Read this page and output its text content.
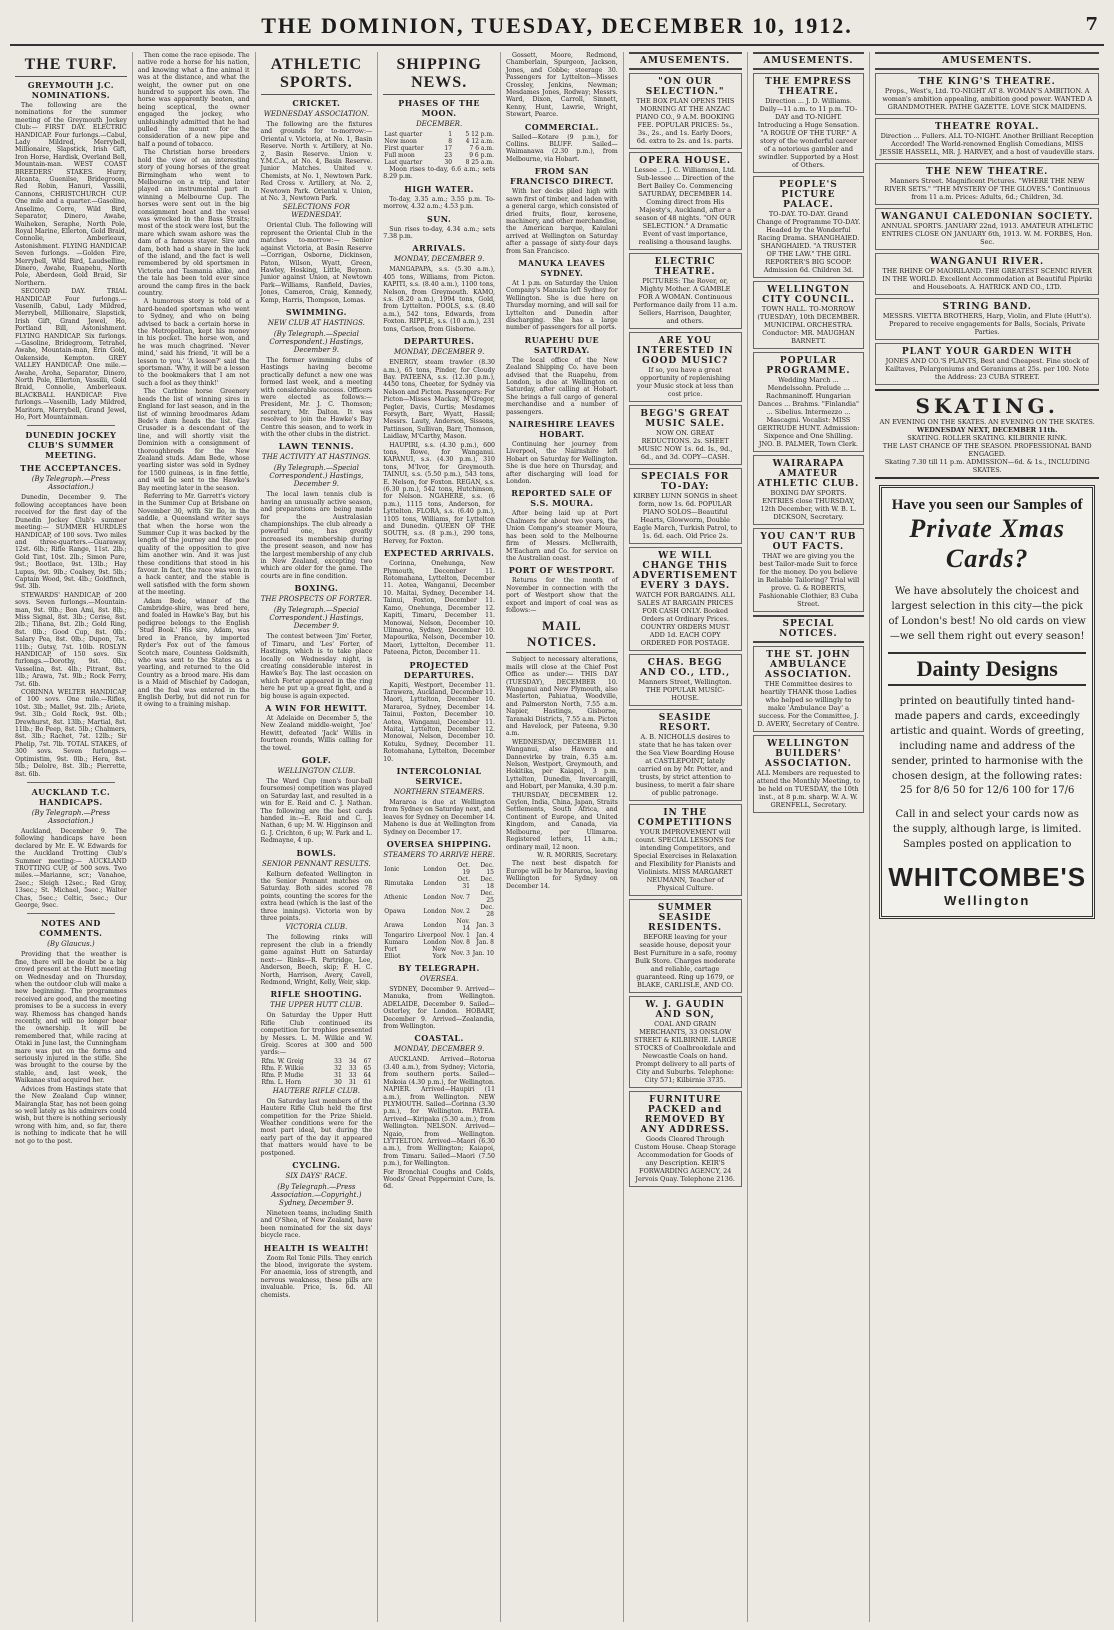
THE DOMINION, TUESDAY, DECEMBER 10, 1912.	7
THE TURF.
GREYMOUTH J.C. NOMINATIONS.

The following are the nominations for the summer meeting of the Greymouth Jockey Club:— FIRST DAY. ELECTRIC HANDICAP. Four furlongs.—Cabul, Lady Mildred, Merrybell, Millionaire, Slapstick, Irish Gift, Iron Horse, Hardisk, Overland Bell, Mountain-man. WEST COAST BREEDERS' STAKES. Hurry, Alcanta, Guenilse, Bridegroom, Red Robin, Hanuri, Vassilii, Cannons, CHRISTCHURCH CUP. One mile and a quarter.—Gasoline, Anselimo, Corre, Wild Bird, Separator, Dinero, Awahe, Waiheken, Seraphe, North Pole, Royal Marine, Ellerton, Gold Braid, Connolie, Amberleaux, Astonishment. FLYING HANDICAP. Seven furlongs. —Golden Fire, Merrybell, Wild Bird, Laudselline, Dinero, Awahe, Ruapehu, North Pole, Aberdeen, Gold Braid, Sir Northern.

SECOND DAY. TRIAL HANDICAP. Four furlongs.—Vasenilb, Cabul, Lady Mildred, Merrybell, Millionaire, Slapstick, Irish Gift, Grand Jewel, Ho, Portland Bill, Astonishment. FLYING HANDICAP. Six furlongs. —Gasoline, Bridegroom, Tetrahel, Awahe, Mountain-man, Erin Gold, Oakenside, Kempton. GREY VALLEY HANDICAP. One mile.—Awahe, Aroha, Separator, Dinero, North Pole, Ellerton, Vassilii, Gold Braid, Connolie, Amberleaux. BLACKBALL HANDICAP. Five furlongs.—Vasenilb, Lady Mildred, Maritorn, Merrybell, Grand Jewel, Ho, Port Mountainman.

DUNEDIN JOCKEY CLUB'S SUMMER MEETING.
THE ACCEPTANCES.
(By Telegraph.—Press Association.)

Dunedin, December 9. The following acceptances have been received for the first day of the Dunedin Jockey Club's summer meeting:— SUMMER HURDLES HANDICAP, of 100 sovs. Two miles and three-quarters.—Guaraway, 12st. 6lb.; Rifle Range, 11st. 2lb.; Gold Tint, 10st. 2lb.; Simon Pure, 9st.; Bootlace, 9st. 13lb.; Hay Lupus, 9st. 9lb.; Coalsey, 9st. 5lb.; Captain Wood, 9st. 4lb.; Goldfinch, 9st. 3lb.

STEWARDS' HANDICAP, of 200 sovs. Seven furlongs.—Mountain-man, 9st. 9lb.; Bon Ami, 8st. 8lb.; Miss Signal, 8st. 3lb.; Cerise, 8st. 2lb.; Tihana, 8st. 2lb.; Gold Ring, 8st. 0lb.; Good Cup, 8st. 0lb.; Salary Pea, 8st. 0lb.; Dupon, 7st. 11lb.; Gutsy, 7st. 10lb. ROSLYN HANDICAP, of 150 sovs. Six furlongs.—Dorothy, 9st. 0lb.; Vasselina, 8st. 4lb.; Pitrant, 8st. 1lb.; Arawa, 7st. 9lb.; Rock Ferry, 7st. 6lb.

CORINNA WELTER HANDICAP, of 100 sovs. One mile.—Rifles, 10st. 3lb.; Mallet, 9st. 2lb.; Ariete, 9st. 3lb.; Gold Rock, 9st. 0lb.; Drewhurst, 8st. 13lb.; Martial, 8st. 11lb.; Bo Peep, 8st. 5lb.; Chalmers, 8st. 3lb.; Rachet, 7st. 12lb.; Sir Phelip, 7st. 7lb. TOTAL STAKES, of 300 sovs. Seven furlongs.—Optimistim, 9st. 0lb.; Hera, 8st. 5lb.; Delolre, 8st. 3lb.; Pierrette, 8st. 6lb.

AUCKLAND T.C. HANDICAPS.
(By Telegraph.—Press Association.)

Auckland, December 9. The following handicaps have been declared by Mr. E. W. Edwards for the Auckland Trotting Club's Summer meeting:— AUCKLAND TROTTING CUP, of 500 sovs. Two miles.—Marianne, scr.; Vanahoe, 2sec.; Sleigh 12sec.; Red Gray, 13sec.; St. Michael, 5sec.; Walter Chas, 5sec.; Celtic, 5sec.; Our George, 9sec.

NOTES AND COMMENTS.
(By Glaucus.)

Providing that the weather is fine, there will be doubt be a big crowd present at the Hutt meeting on Wednesday and on Thursday, when the outdoor club will make a new beginning. The programmes received are good, and the meeting promises to be a success in every way. Rhemoss has changed hands recently, and will no longer bear the ownership. It will be remembered that, while racing at Otaki in June last, the Cunningham mare was put on the forms and seriously injured in the stifle. She was brought to the course by the stable, and, last week, the Waikanae stud acquired her.

Advices from Hastings state that the New Zealand Cup winner, Mairangla Star, has not been going so well lately as his admirers could wish, but there is nothing seriously wrong with him, and, so far, there is nothing to indicate that he will not go to the post.

Then come the race episode. The native rode a horse for his nation, and knowing what a fine animal it was at the distance, and what the weight, the owner put on one hundred to support his own. The horse was apparently beaten, and being sceptical, the owner engaged the jockey, who unblushingly admitted that he had pulled the mount for the consideration of a new pipe and half a pound of tobacco.

The Christian horse breeders hold the view of an interesting story of young horses of the great Birmingham who went to Melbourne on a trip, and later played an instrumental part in winning a Melbourne Cup. The horses were sent out in the big consignment boat and the vessel was wrecked in the Bass Straits; most of the stock were lost, but the mare which swam ashore was the dam of a famous stayer. Sire and dam, both had a share in the luck of the island, and the fact is well remembered by old sportsmen in Victoria and Tasmania alike, and the tale has been told ever since around the camp fires in the back country.

A humorous story is told of a hard-headed sportsman who went to Sydney, and who on being advised to back a certain horse in the Metropolitan, kept his money in his pocket. The horse won, and he was much chagrined. 'Never mind,' said his friend, 'it will be a lesson to you.' 'A lesson?' said the sportsman. 'Why, it will be a lesson to the bookmakers that I am not such a fool as they think!'

The Carbine horse Greenery heads the list of winning sires in England for last season, and in the list of winning broodmares Adam Bede's dam heads the list. Gay Crusader is a descendant of the line, and will shortly visit the Dominion with a consignment of thoroughbreds for the New Zealand studs. Adam Bede, whose yearling sister was sold in Sydney for 1500 guineas, is in fine fettle, and will be sent to the Hawke's Bay meeting later in the season.

Referring to Mr. Garrett's victory in the Summer Cup at Brisbane on November 30, with Sir Ilo, in the saddle, a Queensland writer says that when the horse won the Summer Cup it was backed by the length of the journey and the poor quality of the opposition to give him another win. And it was just these conditions that stood in his favour. In fact, the race was won in a hack canter, and the stable is well satisfied with the form shown at the meeting.

Adam Bede, winner of the Cambridge-shire, was bred here, and foaled in Hawke's Bay, but his pedigree belongs to the English 'Stud Book.' His sire, Adam, was bred in France, by imported Ryder's Fox out of the famous Scotch mare, Countess Goldsmith, who was sent to the States as a yearling, and returned to the Old Country as a brood mare. His dam is a Maid of Mischief by Cadogan, and the foal was entered in the English Derby, but did not run for it owing to a training mishap.

ATHLETIC SPORTS.
CRICKET.
WEDNESDAY ASSOCIATION.

The following are the fixtures and grounds for to-morrow:— Oriental v. Victoria, at No. 1, Basin Reserve. North v. Artillery, at No. 2, Basin Reserve. Union v. Y.M.C.A., at No. 4, Basin Reserve. Junior Matches. United v. Chemists, at No. 1, Newtown Park. Red Cross v. Artillery, at No. 2, Newtown Park. Oriental v. Union, at No. 3, Newtown Park.

SELECTIONS FOR WEDNESDAY.

Oriental Club. The following will represent the Oriental Club in the matches to-morrow:— Senior against Victoria, at Basin Reserve—Corrigan, Osborne, Dickinson, Paton, Wilson, Wyatt, Green, Hawley, Hosking, Little, Beynon. Junior against Union, at Newtown Park—Williams, Ranfield, Davies, Jones, Cameron, Craig, Kennedy, Kemp, Harris, Thompson, Lomas.

SWIMMING.
NEW CLUB AT HASTINGS.
(By Telegraph.—Special Correspondent.) Hastings, December 9.

The former swimming clubs of Hastings having become practically defunct a new one was formed last week, and a meeting with considerable success. Officers were elected as follows:—President, Mr. J. C. Thomson; secretary, Mr. Dalton. It was resolved to join the Hawke's Bay Centre this season, and to work in with the other clubs in the district.

LAWN TENNIS.
THE ACTIVITY AT HASTINGS.
(By Telegraph.—Special Correspondent.) Hastings, December 9.

The local lawn tennis club is having an unusually active season, and preparations are being made for the Australasian championships. The club already a powerful one, has greatly increased its membership during the present season, and now has the largest membership of any club in New Zealand, excepting two which are older for the game. The courts are in fine condition.

BOXING.
THE PROSPECTS OF FORTER.
(By Telegraph.—Special Correspondent.) Hastings, December 9.

The contest between 'Jim' Forter, of Timaru, and 'Les' Forter, of Hastings, which is to take place locally on Wednesday night, is creating considerable interest in Hawke's Bay. The last occasion on which Forter appeared in the ring here he put up a great fight, and a big house is again expected.

A WIN FOR HEWITT.

At Adelaide on December 5, the New Zealand middle-weight, 'Joe' Hewitt, defeated 'Jack' Willis in fourteen rounds, Willis calling for the towel.

GOLF.
WELLINGTON CLUB.

The Ward Cup (men's four-ball foursomes) competition was played on Saturday last, and resulted in a win for E. Reid and C. J. Nathan. The following are the best cards handed in:—E. Reid and C. J. Nathan, 6 up; M. W. Higginson and G. J. Crichton, 6 up; W. Park and L. Redmayne, 4 up.

BOWLS.
SENIOR PENNANT RESULTS.

Kelburn defeated Wellington in the Senior Pennant matches on Saturday. Both sides scored 78 points, counting the scores for the extra head (which is the last of the three innings). Victoria won by three points.

VICTORIA CLUB.

The following rinks will represent the club in a friendly game against Hutt on Saturday next:— Rinks—R. Partridge, Lee, Anderson, Beech, skip; F. H. C. North, Harrison, Avery, Cavell, Redmond, Wright, Kelly, Weir, skip.

RIFLE SHOOTING.
THE UPPER HUTT CLUB.

On Saturday the Upper Hutt Rifle Club continued its competition for trophies presented by Messrs. L. M. Wilkie and W. Greig. Scores at 300 and 500 yards:—

Rfm. W. Greig	33	34	67
Rfm. F. Wilkie	32	33	65
Rfm. P. Mudie	31	33	64
Rfm. L. Horn	30	31	61
HAUTERE RIFLE CLUB.

On Saturday last members of the Hautere Rifle Club held the first competition for the Prize Shield. Weather conditions were for the most part ideal, but during the early part of the day it appeared that matters would have to be postponed.

CYCLING.
SIX DAYS' RACE.
(By Telegraph.—Press Association.—Copyright.) Sydney, December 9.

Nineteen teams, including Smith and O'Shea, of New Zealand, have been nominated for the six days' bicycle race.

HEALTH IS WEALTH!

Zoom Rel Tonic Pills. They enrich the blood, invigorate the system. For anaemia, loss of strength, and nervous weakness, these pills are invaluable. Price, Is. 6d. All chemists.

SHIPPING NEWS.
PHASES OF THE MOON.
DECEMBER.
Last quarter	1	5 12 p.m.
New moon	8	4 12 a.m.
First quarter	17	7 6 a.m.
Full moon	23	9 6 p.m.
Last quarter	30	8 25 a.m.

Moon rises to-day, 6.6 a.m.; sets 8.29 p.m.

HIGH WATER.

To-day, 3.35 a.m.; 3.55 p.m. To-morrow, 4.32 a.m.; 4.53 p.m.

SUN.

Sun rises to-day, 4.34 a.m.; sets 7.38 p.m.

ARRIVALS.
MONDAY, DECEMBER 9.

MANGAPAPA, s.s. (5.30 a.m.), 405 tons, Williams, from Picton. KAPITI, s.s. (8.40 a.m.), 1100 tons, Nelson, from Greymouth. KAMO, s.s. (8.20 a.m.), 1994 tons, Gold, from Lyttelton. POOLS, s.s. (8.40 a.m.), 542 tons, Edwards, from Foxton. RIPPLE, s.s. (10 a.m.), 231 tons, Carlson, from Gisborne.

DEPARTURES.
MONDAY, DECEMBER 9.

ENERGY, steam trawler (8.30 a.m.), 65 tons, Pinder, for Cloudy Bay. PATEENA, s.s. (12.30 p.m.), 4450 tons, Cheeter, for Sydney via Nelson and Picton. Passengers: For Picton—Misses Mackay, M'Gregor, Pegler, Davis, Curtis; Mesdames Forsyth, Barr, Wyatt, Hassil; Messrs. Lauty, Anderson, Sissons, Pattinson, Sullivan, Barr, Thomson, Laidlaw, M'Carthy, Mason.

HAUPIRI, s.s. (4.30 p.m.), 600 tons, Rowe, for Wanganui. KAPANUI, s.s. (4.30 p.m.), 310 tons, M'Ivor, for Greymouth. TAINUI, s.s. (5.50 p.m.), 543 tons, E. Nelson, for Foxton. REGAN, s.s. (6.30 p.m.), 542 tons, Hutchinson, for Nelson. NGAHERE, s.s. (6 p.m.), 1115 tons, Anderson, for Lyttelton. FLORA, s.s. (6.40 p.m.), 1105 tons, Williams, for Lyttelton and Dunedin. QUEEN OF THE SOUTH, s.s. (8 p.m.), 290 tons, Hervey, for Foxton.

EXPECTED ARRIVALS.

Corinna, Onehunga, New Plymouth, December 11. Rotomahana, Lyttelton, December 11. Aotea, Wanganui, December 10. Maitai, Sydney, December 14. Tainui, Foxton, December 11. Kamo, Onehunga, December 12. Kapiti, Timaru, December 11. Monowai, Nelson, December 10. Ulimaroa, Sydney, December 10. Mapourika, Nelson, December 10. Maori, Lyttelton, December 11. Pateena, Picton, December 11.

PROJECTED DEPARTURES.

Kapiti, Westport, December 11. Tarawera, Auckland, December 11. Maori, Lyttelton, December 10. Mararoa, Sydney, December 14. Tainui, Foxton, December 10. Aotea, Wanganui, December 11. Maitai, Lyttelton, December 12. Monowai, Nelson, December 10. Kotuku, Sydney, December 11. Rotomahana, Lyttelton, December 10.

INTERCOLONIAL SERVICE.
NORTHERN STEAMERS.

Mararoa is due at Wellington from Sydney on Saturday next, and leaves for Sydney on December 14. Maheno is due at Wellington from Sydney on December 17.

OVERSEA SHIPPING.
STEAMERS TO ARRIVE HERE.
Ionic	London	Oct. 19	Dec. 15
Rimutaka	London	Oct. 31	Dec. 18
Athenic	London	Nov. 7	Dec. 25
Opawa	London	Nov. 2	Dec. 28
Arawa	London	Nov. 14	Jan. 3
Tongariro	Liverpool	Nov. 1	Jan. 4
Kumara	London	Nov. 8	Jan. 8
Port Elliot	New York	Nov. 3	Jan. 10
BY TELEGRAPH.
OVERSEA.

SYDNEY, December 9. Arrived—Manuka, from Wellington. ADELAIDE, December 9. Sailed—Osterley, for London. HOBART, December 9. Arrived—Zealandia, from Wellington.

COASTAL.
MONDAY, DECEMBER 9.

AUCKLAND. Arrived—Rotorua (3.40 a.m.), from Sydney; Victoria, from southern ports. Sailed—Mokoia (4.30 p.m.), for Wellington. NAPIER. Arrived—Haupiri (11 a.m.), from Wellington. NEW PLYMOUTH. Sailed—Corinna (3.30 p.m.), for Wellington. PATEA. Arrived—Kiripaka (5.30 a.m.), from Wellington. NELSON. Arrived—Ngaio, from Wellington. LYTTELTON. Arrived—Maori (6.30 a.m.), from Wellington; Kaiapoi, from Timaru. Sailed—Maori (7.50 p.m.), for Wellington.

For Bronchial Coughs and Colds, Woods' Great Peppermint Cure, Is. 6d.

Gossett, Moore, Redmond, Chamberlain, Spurgeon, Jackson, Jones, and Cobbe; steerage 30. Passengers for Lyttelton—Misses Crossley, Jenkins, Newman; Mesdames Jones, Rodway; Messrs. Ward, Dixon, Carroll, Sinnett, Kenny, Hunt, Lawrie, Wright, Stewart, Pearce.

COMMERCIAL.

Sailed—Kotare (9 p.m.), for Collins. BLUFF. Sailed—Waimanawa (2.30 p.m.), from Melbourne, via Hobart.

FROM SAN FRANCISCO DIRECT.

With her decks piled high with sawn first of timber, and laden with a general cargo, which consisted of dried fruits, flour, kerosene, machinery, and other merchandise, the American barque, Kaiulani arrived at Wellington on Saturday after a passage of sixty-four days from San Francisco.

MANUKA LEAVES SYDNEY.

At 1 p.m. on Saturday the Union Company's Manuka left Sydney for Wellington. She is due here on Thursday morning, and will sail for Lyttelton and Dunedin after discharging. She has a large number of passengers for all ports.

RUAPEHU DUE SATURDAY.

The local office of the New Zealand Shipping Co. have been advised that the Ruapehu, from London, is due at Wellington on Saturday, after calling at Hobart. She brings a full cargo of general merchandise and a number of passengers.

NAIRESHIRE LEAVES HOBART.

Continuing her journey from Liverpool, the Nairnshire left Hobart on Saturday for Wellington. She is due here on Thursday, and after discharging will load for London.

REPORTED SALE OF S.S. MOURA.

After being laid up at Port Chalmers for about two years, the Union Company's steamer Moura, has been sold to the Melbourne firm of Messrs. McIlwraith, M'Eacharn and Co. for service on the Australian coast.

PORT OF WESTPORT.

Returns for the month of November in connection with the port of Westport show that the export and import of coal was as follows:—

MAIL NOTICES.

Subject to necessary alterations, mails will close at the Chief Post Office as under:— THIS DAY (TUESDAY), DECEMBER 10. Wanganui and New Plymouth, also Masterton, Pahiatua, Woodville, and Palmerston North, 7.55 a.m. Napier, Hastings, Gisborne, Taranaki Districts, 7.55 a.m. Picton and Havelock, per Pateena, 9.30 a.m.

WEDNESDAY, DECEMBER 11. Wanganui, also Hawera and Dannevirke by train, 6.35 a.m. Nelson, Westport, Greymouth, and Hokitika, per Kaiapoi, 3 p.m. Lyttelton, Dunedin, Invercargill, and Hobart, per Manuka, 4.30 p.m.

THURSDAY, DECEMBER 12. Ceylon, India, China, Japan, Straits Settlements, South Africa, and Continent of Europe, and United Kingdom, and Canada, via Melbourne, per Ulimaroa. Registered letters, 11 a.m.; ordinary mail, 12 noon.

W. R. MORRIS, Secretary.

The next best dispatch for Europe will be by Mararoa, leaving Wellington for Sydney on December 14.

AMUSEMENTS.
"ON OUR SELECTION."
THE BOX PLAN OPENS THIS MORNING AT THE ANZAC PIANO CO., 9 A.M. BOOKING FEE. POPULAR PRICES: 5s., 3s., 2s., and 1s. Early Doors, 6d. extra to 2s. and 1s. parts.
OPERA HOUSE.
Lessee ... J. C. Williamson, Ltd. Sub-lessee ... Direction of the Bert Bailey Co. Commencing SATURDAY, DECEMBER 14. Coming direct from His Majesty's, Auckland, after a season of 48 nights. "ON OUR SELECTION." A Dramatic Event of vast importance, realising a thousand laughs.
ELECTRIC THEATRE.
PICTURES: The Rover, or, Mighty Mother. A GAMBLE FOR A WOMAN. Continuous Performance daily from 11 a.m. Sellers, Harrison, Daughter, and others.
ARE YOU INTERESTED IN GOOD MUSIC?
If so, you have a great opportunity of replenishing your Music stock at less than cost price.
BEGG'S GREAT MUSIC SALE.
NOW ON. GREAT REDUCTIONS. 2s. SHEET MUSIC NOW 1s. 6d. Is., 9d., 6d., and 3d. COPY—CASH.
SPECIALS FOR TO-DAY:
KIRBEY LUNN SONGS in sheet form, now 1s. 6d. POPULAR PIANO SOLOS—Beautiful Hearts, Glowworm, Double Eagle March, Turkish Patrol, to 1s. 6d. each. Old Price 2s.
WE WILL CHANGE THIS ADVERTISEMENT EVERY 3 DAYS.
WATCH FOR BARGAINS. ALL SALES AT BARGAIN PRICES FOR CASH ONLY. Booked Orders at Ordinary Prices. COUNTRY ORDERS MUST ADD 1d. EACH COPY ORDERED FOR POSTAGE.
CHAS. BEGG AND CO., LTD.,
Manners Street, Wellington. THE POPULAR MUSIC-HOUSE.
SEASIDE RESORT.
A. B. NICHOLLS desires to state that he has taken over the Sea View Boarding House at CASTLEPOINT, lately carried on by Mr. Potter, and trusts, by strict attention to business, to merit a fair share of public patronage.
IN THE COMPETITIONS
YOUR IMPROVEMENT will count. SPECIAL LESSONS for intending Competitors, and Special Exercises in Relaxation and Flexibility for Pianists and Violinists. MISS MARGARET NEUMANN, Teacher of Physical Culture.
SUMMER SEASIDE RESIDENTS.
BEFORE leaving for your seaside house, deposit your Best Furniture in a safe, roomy Bulk Store. Charges moderate and reliable, cartage guaranteed. Ring up 1679, or BLAKE, CARLISLE, AND CO.
W. J. GAUDIN AND SON,
COAL AND GRAIN MERCHANTS, 33 ONSLOW STREET & KILBIRNIE. LARGE STOCKS of Coalbrookdale and Newcastle Coals on hand. Prompt delivery to all parts of City and Suburbs. Telephone: City 571; Kilbirnie 3735.
FURNITURE PACKED and REMOVED BY ANY ADDRESS.
Goods Cleared Through Custom House. Cheap Storage Accommodation for Goods of any Description. KEIR'S FORWARDING AGENCY, 24 Jervois Quay. Telephone 2136.
AMUSEMENTS.
THE EMPRESS THEATRE.
Direction ... J. D. Williams. Daily—11 a.m. to 11 p.m. TO-DAY and TO-NIGHT. Introducing a Huge Sensation. "A ROGUE OF THE TURF." A story of the wonderful career of a notorious gambler and swindler. Supported by a Host of Others.
PEOPLE'S PICTURE PALACE.
TO-DAY. TO-DAY. Grand Change of Programme TO-DAY. Headed by the Wonderful Racing Drama. SHANGHAIED. SHANGHAIED. "A TRUSTER OF THE LAW." THE GIRL REPORTER'S BIG SCOOP. Admission 6d. Children 3d.
WELLINGTON CITY COUNCIL.
TOWN HALL. TO-MORROW (TUESDAY), 10th DECEMBER. MUNICIPAL ORCHESTRA. Conductor: MR. MAUGHAN BARNETT.
POPULAR PROGRAMME.
Wedding March ... Mendelssohn. Prelude ... Rachmaninoff. Hungarian Dances ... Brahms. "Finlandia" ... Sibelius. Intermezzo ... Mascagni. Vocalist: MISS GERTRUDE HUNT. Admission: Sixpence and One Shilling.
JNO. B. PALMER, Town Clerk.
WAIRARAPA AMATEUR ATHLETIC CLUB.
BOXING DAY SPORTS. ENTRIES close THURSDAY, 12th December, with W. B. L. DICKSON, Secretary.
YOU CAN'T RUB OUT FACTS.
THAT we are giving you the best Tailor-made Suit to force for the money. Do you believe in Reliable Tailoring? Trial will prove. G. & ROBERTS, Fashionable Clothier, 83 Cuba Street.
SPECIAL NOTICES.
THE ST. JOHN AMBULANCE ASSOCIATION.
THE Committee desires to heartily THANK those Ladies who helped so willingly to make 'Ambulance Day' a success. For the Committee, J. D. AVERY, Secretary of Centre.
WELLINGTON BUILDERS' ASSOCIATION.
ALL Members are requested to attend the Monthly Meeting, to be held on TUESDAY, the 10th inst., at 8 p.m. sharp. W. A. W. GRENFELL, Secretary.
AMUSEMENTS.
THE KING'S THEATRE.
Props., West's, Ltd. TO-NIGHT AT 8. WOMAN'S AMBITION. A woman's ambition appealing, ambition good power. WANTED A GRANDMOTHER. PATHE GAZETTE. LOVE SICK MAIDENS.
THEATRE ROYAL.
Direction ... Fullers. ALL TO-NIGHT. Another Brilliant Reception Accorded! The World-renowned English Comedians, MISS JESSIE HASSELL, MR. J. HARVEY, and a host of vaudeville stars.
THE NEW THEATRE.
Manners Street. Magnificent Pictures. "WHERE THE NEW RIVER SETS." "THE MYSTERY OF THE GLOVES." Continuous from 11 a.m. Prices: Adults, 6d.; Children, 3d.
WANGANUI CALEDONIAN SOCIETY.
ANNUAL SPORTS. JANUARY 22nd, 1913. AMATEUR ATHLETIC ENTRIES CLOSE ON JANUARY 6th, 1913. W. M. FORBES, Hon. Sec.
WANGANUI RIVER.
THE RHINE OF MAORILAND. THE GREATEST SCENIC RIVER IN THE WORLD. Excellent Accommodation at Beautiful Pipiriki and Houseboats. A. HATRICK AND CO., LTD.
STRING BAND.
MESSRS. VIETTA BROTHERS, Harp, Violin, and Flute (Hutt's). Prepared to receive engagements for Balls, Socials, Private Parties.
PLANT YOUR GARDEN WITH
JONES AND CO.'S PLANTS, Best and Cheapest. Fine stock of Kailtaves, Pelargoniums and Geraniums at 25s. per 100. Note the Address: 23 CUBA STREET.
SKATING.
AN EVENING ON THE SKATES. AN EVENING ON THE SKATES.
WEDNESDAY NEXT, DECEMBER 11th.
SKATING. ROLLER SKATING. KILBIRNIE RINK.
THE LAST CHANCE OF THE SEASON. PROFESSIONAL BAND ENGAGED.
Skating 7.30 till 11 p.m. ADMISSION—6d. & 1s., INCLUDING SKATES.
Have you seen our Samples of
Private Xmas Cards?
We have absolutely the choicest and largest selection in this city—the pick of London's best! No old cards on view—we sell them right out every season!
Dainty Designs
printed on beautifully tinted hand-made papers and cards, exceedingly artistic and quaint. Words of greeting, including name and address of the sender, printed to harmonise with the chosen design, at the following rates:
25 for 8/6 50 for 12/6 100 for 17/6
Call in and select your cards now as the supply, although large, is limited. Samples posted on application to
WHITCOMBE'S
Wellington
